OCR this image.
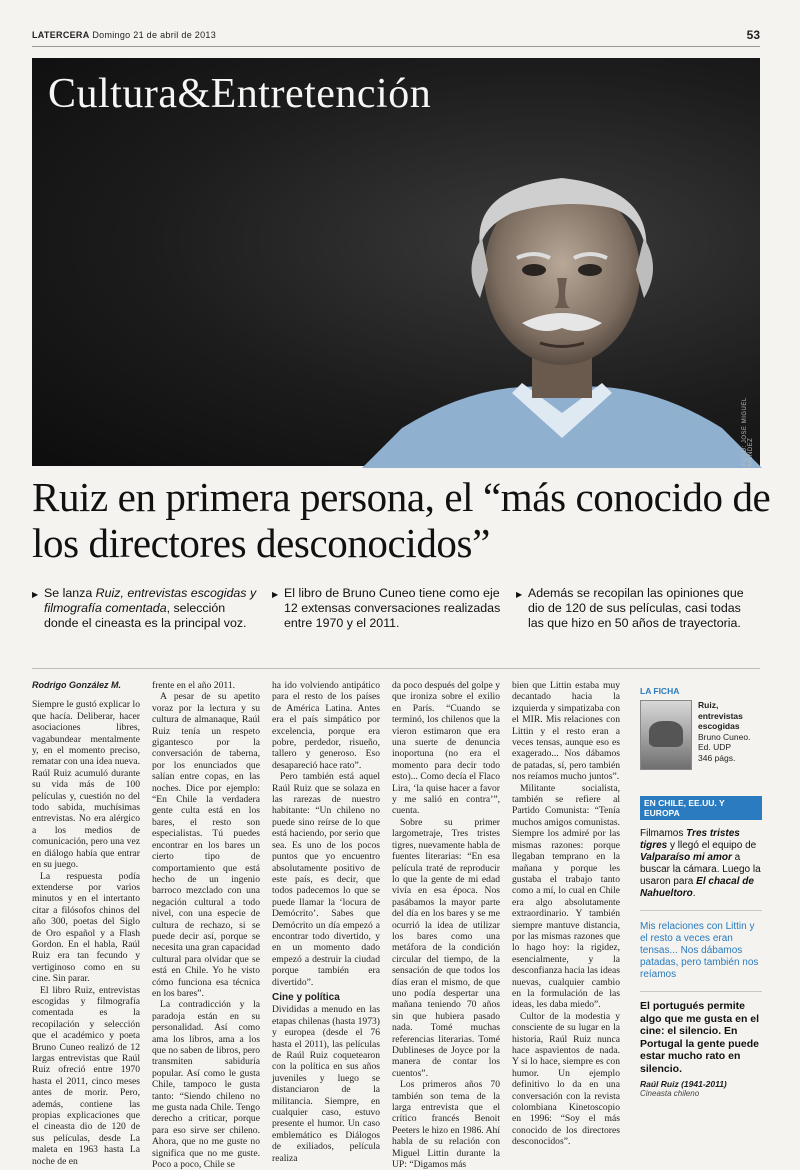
LATERCERA Domingo 21 de abril de 2013	53
Cultura&Entretención
FOTO: JOSÉ MIGUEL MÉNDEZ
Ruiz en primera persona, el “más conocido de los directores desconocidos”
▶ Se lanza Ruiz, entrevistas escogidas y filmografía comentada, selección donde el cineasta es la principal voz.
▶ El libro de Bruno Cuneo tiene como eje 12 extensas conversaciones realizadas entre 1970 y el 2011.
▶ Además se recopilan las opiniones que dio de 120 de sus películas, casi todas las que hizo en 50 años de trayectoria.
Rodrigo González M.

Siempre le gustó explicar lo que hacía. Deliberar, hacer asociaciones libres, vagabundear mentalmente y, en el momento preciso, rematar con una idea nueva. Raúl Ruiz acumuló durante su vida más de 100 películas y, cuestión no del todo sabida, muchísimas entrevistas. No era alérgico a los medios de comunicación, pero una vez en diálogo había que entrar en su juego.

La respuesta podía extenderse por varios minutos y en el intertanto citar a filósofos chinos del año 300, poetas del Siglo de Oro español y a Flash Gordon. En el habla, Raúl Ruiz era tan fecundo y vertiginoso como en su cine. Sin parar.

El libro Ruiz, entrevistas escogidas y filmografía comentada es la recopilación y selección que el académico y poeta Bruno Cuneo realizó de 12 largas entrevistas que Raúl Ruiz ofreció entre 1970 hasta el 2011, cinco meses antes de morir. Pero, además, contiene las propias explicaciones que el cineasta dio de 120 de sus películas, desde La maleta en 1963 hasta La noche de en

frente en el año 2011.

A pesar de su apetito voraz por la lectura y su cultura de almanaque, Raúl Ruiz tenía un respeto gigantesco por la conversación de taberna, por los enunciados que salían entre copas, en las noches. Dice por ejemplo: “En Chile la verdadera gente culta está en los bares, el resto son especialistas. Tú puedes encontrar en los bares un cierto tipo de comportamiento que está hecho de un ingenio barroco mezclado con una negación cultural a todo nivel, con una especie de cultura de rechazo, si se puede decir así, porque se necesita una gran capacidad cultural para olvidar que se está en Chile. Yo he visto cómo funciona esa técnica en los bares”.

La contradicción y la paradoja están en su personalidad. Así como ama los libros, ama a los que no saben de libros, pero transmiten sabiduría popular. Así como le gusta Chile, tampoco le gusta tanto: “Siendo chileno no me gusta nada Chile. Tengo derecho a criticar, porque para eso sirve ser chileno. Ahora, que no me guste no significa que no me guste. Poco a poco, Chile se

ha ido volviendo antipático para el resto de los países de América Latina. Antes era el país simpático por excelencia, porque era pobre, perdedor, risueño, tallero y generoso. Eso desapareció hace rato”.

Pero también está aquel Raúl Ruiz que se solaza en las rarezas de nuestro habitante: “Un chileno no puede sino reírse de lo que está haciendo, por serio que sea. Es uno de los pocos puntos que yo encuentro absolutamente positivo de este país, es decir, que todos padecemos lo que se puede llamar la ‘locura de Demócrito’. Sabes que Demócrito un día empezó a encontrar todo divertido, y en un momento dado empezó a destruir la ciudad porque también era divertido”.

Cine y política

Divididas a menudo en las etapas chilenas (hasta 1973) y europea (desde el 76 hasta el 2011), las películas de Raúl Ruiz coquetearon con la política en sus años juveniles y luego se distanciaron de la militancia. Siempre, en cualquier caso, estuvo presente el humor. Un caso emblemático es Diálogos de exiliados, película realiza

da poco después del golpe y que ironiza sobre el exilio en París. “Cuando se terminó, los chilenos que la vieron estimaron que era una suerte de denuncia inoportuna (no era el momento para decir todo esto)... Como decía el Flaco Lira, ‘la quise hacer a favor y me salió en contra’”, cuenta.

Sobre su primer largometraje, Tres tristes tigres, nuevamente habla de fuentes literarias: “En esa película traté de reproducir lo que la gente de mi edad vivía en esa época. Nos pasábamos la mayor parte del día en los bares y se me ocurrió la idea de utilizar los bares como una metáfora de la condición circular del tiempo, de la sensación de que todos los días eran el mismo, de que uno podía despertar una mañana teniendo 70 años sin que hubiera pasado nada. Tomé muchas referencias literarias. Tomé Dublineses de Joyce por la manera de contar los cuentos”.

Los primeros años 70 también son tema de la larga entrevista que el crítico francés Benoit Peeters le hizo en 1986. Ahí habla de su relación con Miguel Littin durante la UP: “Digamos más

bien que Littin estaba muy decantado hacia la izquierda y simpatizaba con el MIR. Mis relaciones con Littin y el resto eran a veces tensas, aunque eso es exagerado... Nos dábamos de patadas, sí, pero también nos reíamos mucho juntos”.

Militante socialista, también se refiere al Partido Comunista: “Tenía muchos amigos comunistas. Siempre los admiré por las mismas razones: porque llegaban temprano en la mañana y porque les gustaba el trabajo tanto como a mí, lo cual en Chile era algo absolutamente extraordinario. Y también siempre mantuve distancia, por las mismas razones que lo hago hoy: la rigidez, esencialmente, y la desconfianza hacia las ideas nuevas, cualquier cambio en la formulación de las ideas, les daba miedo”.

Cultor de la modestia y consciente de su lugar en la historia, Raúl Ruiz nunca hace aspavientos de nada. Y si lo hace, siempre es con humor. Un ejemplo definitivo lo da en una conversación con la revista colombiana Kinetoscopio en 1996: “Soy el más conocido de los directores desconocidos”.

LA FICHA
Ruiz, entrevistas escogidas
Bruno Cuneo.
Ed. UDP
346 págs.
EN CHILE, EE.UU. Y EUROPA
Filmamos Tres tristes tigres y llegó el equipo de Valparaíso mi amor a buscar la cámara. Luego la usaron para El chacal de Nahueltoro.
Mis relaciones con Littin y el resto a veces eran tensas... Nos dábamos patadas, pero también nos reíamos
El portugués permite algo que me gusta en el cine: el silencio. En Portugal la gente puede estar mucho rato en silencio.
Raúl Ruiz (1941-2011)
Cineasta chileno
